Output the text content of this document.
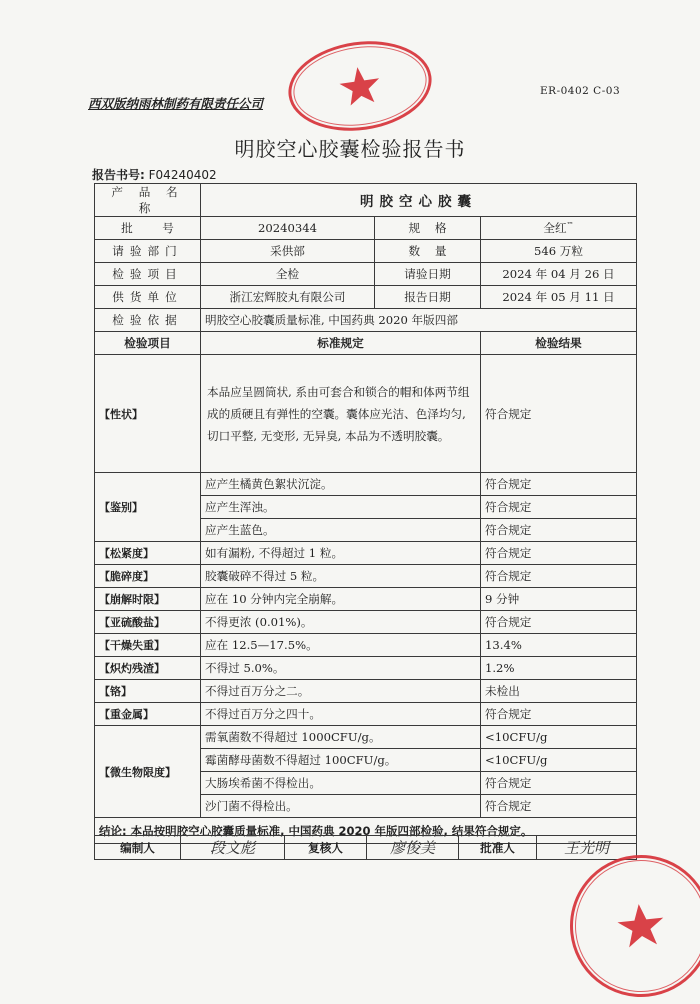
西双版纳雨林制药有限责任公司
ER-0402 C-03
明胶空心胶囊检验报告书
报告书号: F04240402
产 品 名 称	明胶空心胶囊		
批        号	20240344	规    格	全红™
请验部门	采供部	数    量	546 万粒
检验项目	全检	请验日期	2024 年 04 月 26 日
供货单位	浙江宏辉胶丸有限公司	报告日期	2024 年 05 月 11 日
检验依据	明胶空心胶囊质量标准, 中国药典 2020 年版四部		
检验项目	标准规定		检验结果
【性状】	本品应呈圆筒状, 系由可套合和锁合的帽和体两节组成的质硬且有弹性的空囊。囊体应光洁、色泽均匀, 切口平整, 无变形, 无异臭, 本品为不透明胶囊。		符合规定
【鉴别】	应产生橘黄色絮状沉淀。		符合规定
	应产生浑浊。		符合规定
	应产生蓝色。		符合规定
【松紧度】	如有漏粉, 不得超过 1 粒。		符合规定
【脆碎度】	胶囊破碎不得过 5 粒。		符合规定
【崩解时限】	应在 10 分钟内完全崩解。		9 分钟
【亚硫酸盐】	不得更浓 (0.01%)。		符合规定
【干燥失重】	应在 12.5—17.5%。		13.4%
【炽灼残渣】	不得过 5.0%。		1.2%
【铬】	不得过百万分之二。		未检出
【重金属】	不得过百万分之四十。		符合规定
【微生物限度】	需氧菌数不得超过 1000CFU/g。		<10CFU/g
	霉菌酵母菌数不得超过 100CFU/g。		<10CFU/g
	大肠埃希菌不得检出。		符合规定
	沙门菌不得检出。		符合规定
结论: 本品按明胶空心胶囊质量标准, 中国药典 2020 年版四部检验, 结果符合规定。			
编制人	段文彪	复核人	廖俊美	批准人	王光明
